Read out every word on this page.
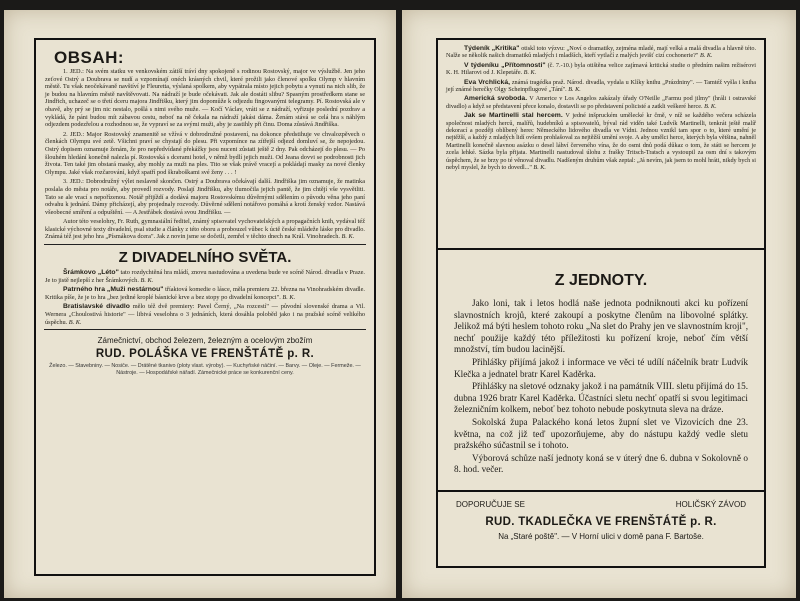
OBSAH:

1. JED.: Na svém statku ve venkovském zátiší tráví dny spokojeně s rodinou Rostovský, major ve výslužbě. Jen jeho zeťové Ostrý a Doubrava se nudí a vzpomínají onéch krásných chvil, které prožili jako členové spolku Olymp v hlavním městě. Tu však neočekávaně navštíví je Fleuretta, výslaná spolkem, aby vypátrala místo jejich pobytu a vynutí na nich slib, že je budou na hlavním městě navštěvovati. Na nádraží je bude očekávati. Jak ale dostáti slibu? Spasným prostředkem stane se Jindřich, uchazeč se o třetí dceru majora Jindřišku, který jim dopomůže k odjezdu fingovanými telegramy. Pí. Rostovská ale v obavě, aby prý se jim nic nestalo, pošlá s nimi svého muže. — Kočí Václav, vráti se z nádraží, vyřizuje poslední pozdrav a vykládá, že páni budou mít zábavou cestu, neboť na ně čekala na nádraží jakási dáma. Ženám stává se celá hra s náhlým odjezdem podezřelou a rozhodnou se, že vypraví se za svými muži, aby je zastihly při činu. Doma zůstává Jindřiška.

2. JED.: Major Rostovský znamenitě se vžívá v dobrodružné postavení, na dokonce předstihuje ve chvalozpěvech o členkách Olympu své zetě. Všichni praví se chystají do plesu. Při vzpomínce na zítřejší odjezd domluví se, že nepojedou. Ostrý dopisem oznamuje ženám, že pro nepředvídané překážky jsou nuceni zůstati ještě 2 dny. Pak odcházejí do plesu. — Po šlouhém hledání konečně nalezla pí. Rostovská s dcerami hotel, v němž bydlí jejich muži. Od Jeana dovvi se podrobnosti jich života. Ten také jim obstará masky, aby mohly za muži na ples. Tito se však právě vracejí a pokládají masky za nové členky Olympu. Jaké však rozčarování, když spatří pod škraboškami své ženy . . . !

3. JED.: Dobrodružný výlet neslavně skončen. Ostrý a Doubrava očekávají další. Jindřiška jim oznamuje, že matinka poslala do města pro notáře, aby provedl rozvody. Poslají Jindřišku, aby tlumočila jejich pantě, že jim chtějí vše vysvětliti. Tato se ale vrací s nepořízenou. Notář přijíždí a dodává majoru Rostovskému důvěrnými sdělením o původu věna jeho paní odvahu k jednání. Dámy přicházejí, aby projednaly rozvody. Důvěrné sdělení notářovo pomáhá a krotí ženský vzdor. Nastává všeobecné smíření a odpuštění. — A Jestřábek dostává svou Jindřišku. —

Autor této veselohry, Fr. Ruth, gymnasiální ředitel, známý spisovatel vychovatelských a propagačních knih, vydával též klasické výchovné texty divadelní, psal studie a články z této oboru a probouzel vůbec k úctě české mládeže láske pro divadlo. Známá též jest jeho hra „Písmákova dcera". Jak z novin jsme se dočetli, zemřel v těchto dnech na Král. Vinohradech. B. K.

Z DIVADELNÍHO SVĚTA.

Šrámkovo „Léto" tato rozdychtěná hra mládí, znovu nastudována a uvedena bude ve scéně Národ. divadla v Praze. Je to jistě nejlepší z her Šrámkových. B. K.

Patrného hra „Muži nestárnou" tříaktová komedie o lásce, měla premieru 22. března na Vinohradském divadle. Kritika píše, že je to hra „bez jediné kroplé básnické krve a bez stopy po divadelní koncepci". B. K.

Bratislavské divadlo mělo též dvě premiery: Pavel Černý, „Na rozcestí" — původní slovenské drama a Vil. Wernera „Choulostivá historie" — libivá veselohra o 3 jednáních, která dosáhla poloběd jako i na pražské scéně velikého úspěchu. B. K.

Zámečnictví, obchod železem, železným a ocelovým zbožím
RUD. POLÁŠKA VE FRENŠTÁTĚ p. R.
Železo. — Stavebniny. — Nosiče. — Drátěné tkanivo (ploty vlast. výroby). — Kuchyňské náčiní. — Barvy. — Oleje. — Fermeže. — Nástroje. — Hospodářské nářadí. Zámečnické práce se konkurenční ceny.

Týdeník „Kritika" otiskl toto výzvu: „Noví o dramatiky, zejména mladé, mají velká a malá divadla a hlavně této. Nalže se několik našich dramatiků mladých i mladších, kteří vytlačí z malých jevišť cizí cochonerie?" B. K.

V týdeníku „Přítomnosti" (č. 7.-10.) byla otištěna velice zajímavá kritická studie o předním našim režisérovi K. H. Hilarovi od J. Klepetáře. B. K.

Eva Vrchlická, známá tragédka praž. Národ. divadla, vydala u Klíky knihu „Prázdniny". — Tamtéž vyšla i kniha její známé herečky Olgy Scheinpflugové „Tání". B. K.

Americká svoboda. V Americe v Los Angelos zakázaly úřady O'Neille „Farmu pod jilmy" (hráli i ostravské divadlo) a když se představení přece konalo, dostavili se po představení policisté a zatkli veškeré herce. B. K.

Jak se Martinelli stal hercem. V jedné inšpruckém umělecké kr čmě, v níž se každého večera scházela společnost mladých herců, malířů, hudebníků a spisovatelů, býval rád viděn také Ludvík Martinelli, tenkrát ještě malíř dekorací a později oblíbený herec Německého lidového divadla ve Vídni. Jednou vznikl tam spor o to, které umění je nejtěžší, a každý z mladých lidí ovšem prohlašoval za nejtěžší umění svoje. A aby umělci herce, kterých byla většina, nahněl Martinelli konečně slavnou asázku o desel láhví červeného vína, že do osmi dnů podá důkaz o tom, že státi se hercem je zcela lehké. Sázka byla přijata. Martinelli nastudoval úlohu z frašky Tritsch-Tratsch a vystoupil za osm dní s takovým úspěchem, že se brzy po té věnoval divadlu. Nadšeným druhům však zeptal: „Já nevím, jak jsem to mohl hráti, nikdy bych si nebyl myslel, že bych to dovedl..." B. K.

Z JEDNOTY.

Jako loni, tak i letos hodlá naše jednota podniknouti akci ku pořízení slavnostních krojů, které zakoupí a poskytne členům na libovolné splátky. Jelikož má býti heslem tohoto roku „Na slet do Prahy jen ve slavnostním kroji", nechť použije každý této příležitosti ku pořízení kroje, neboť čím větší množství, tím budou lacinější.

Přihlášky přijímá jakož i informace ve věci té udílí náčelník bratr Ludvík Klečka a jednatel bratr Karel Kaděrka.

Přihlášky na sletové odznaky jakož i na památník VIII. sletu přijímá do 15. dubna 1926 bratr Karel Kaděrka. Účastníci sletu nechť opatří si svou legitimaci železničním kolkem, neboť bez tohoto nebude poskytnuta sleva na dráze.

Sokolská župa Palackého koná letos župní slet ve Vizovicích dne 23. května, na což již teď upozorňujeme, aby do nástupu každý vedle sletu pražského súčastnil se i tohoto.

Výborová schůze naší jednoty koná se v úterý dne 6. dubna v Sokolovně o 8. hod. večer.

DOPORUČUJE SE	HOLIČSKÝ ZÁVOD
RUD. TKADLEČKA VE FRENŠTÁTĚ p. R.
Na „Staré poště". — V Horní ulici v domě pana F. Bartoše.
